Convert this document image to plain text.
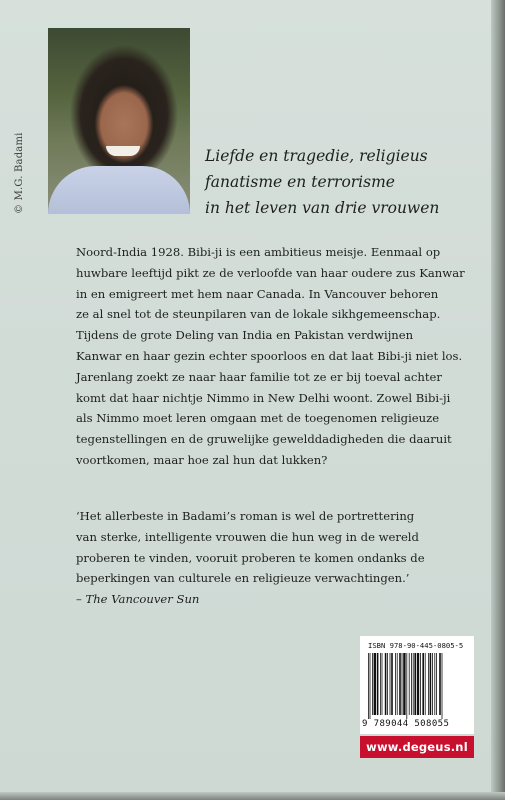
© M.G. Badami	Liefde en tragedie, religieus
fanatisme en terrorisme
in het leven van drie vrouwen
Noord-India 1928. Bibi-ji is een ambitieus meisje. Eenmaal op
huwbare leeftijd pikt ze de verloofde van haar oudere zus Kanwar
in en emigreert met hem naar Canada. In Vancouver behoren
ze al snel tot de steunpilaren van de lokale sikhgemeenschap.
Tijdens de grote Deling van India en Pakistan verdwijnen
Kanwar en haar gezin echter spoorloos en dat laat Bibi-ji niet los.
Jarenlang zoekt ze naar haar familie tot ze er bij toeval achter
komt dat haar nichtje Nimmo in New Delhi woont. Zowel Bibi-ji
als Nimmo moet leren omgaan met de toegenomen religieuze
tegenstellingen en de gruwelijke gewelddadigheden die daaruit
voortkomen, maar hoe zal hun dat lukken?
‘Het allerbeste in Badami’s roman is wel de portrettering
van sterke, intelligente vrouwen die hun weg in de wereld
proberen te vinden, vooruit proberen te komen ondanks de
beperkingen van culturele en religieuze verwachtingen.’
– The Vancouver Sun
ISBN 978-90-445-0805-5
9 789044 508055
www.degeus.nl
